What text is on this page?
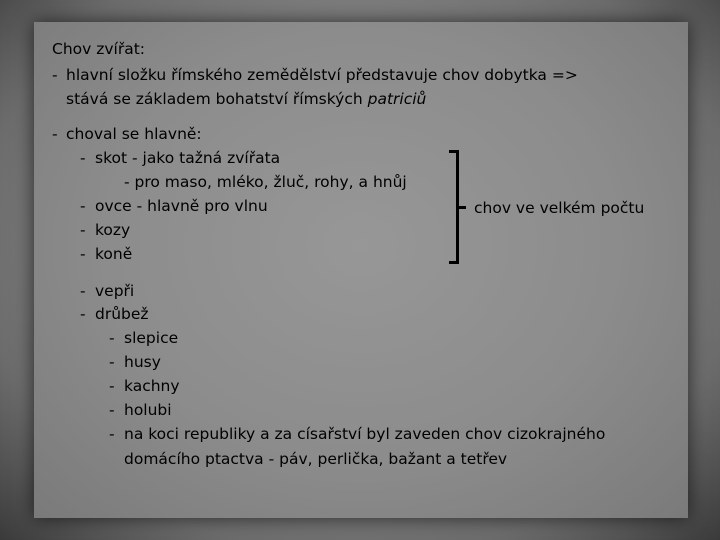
Chov zvířat:
- hlavní složku římského zemědělství představuje chov dobytka =>
stává se základem bohatství římských patriciů
- choval se hlavně:
- skot - jako tažná zvířata
- pro maso, mléko, žluč, rohy, a hnůj
- ovce - hlavně pro vlnu
- kozy
- koně
chov ve velkém počtu
- vepři
- drůbež
- slepice
- husy
- kachny
- holubi
- na koci republiky a za císařství byl zaveden chov cizokrajného
domácího ptactva - páv, perlička, bažant a tetřev
